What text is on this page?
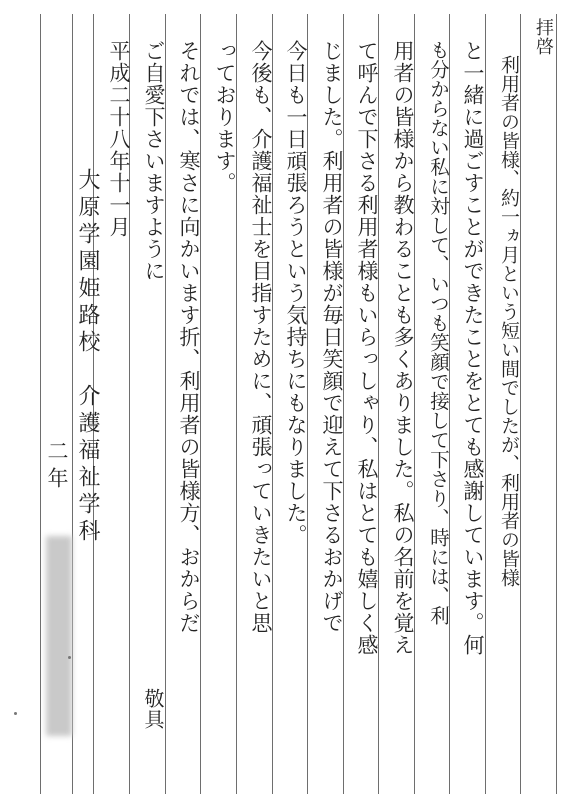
拝啓
利用者の皆様、約一ヵ月という短い間でしたが、利用者の皆様
と一緒に過ごすことができたことをとても感謝しています。何
も分からない私に対して、いつも笑顔で接して下さり、時には、利
用者の皆様から教わることも多くありました。私の名前を覚え
て呼んで下さる利用者様もいらっしゃり、私はとても嬉しく感
じました。利用者の皆様が毎日笑顔で迎えて下さるおかげで
今日も一日頑張ろうという気持ちにもなりました。
今後も、介護福祉士を目指すために、頑張っていきたいと思
っております。
それでは、寒さに向かいます折、利用者の皆様方、おからだ
ご自愛下さいますように
敬具
平成二十八年十一月
大原学園姫路校　介護福祉学科
二年
